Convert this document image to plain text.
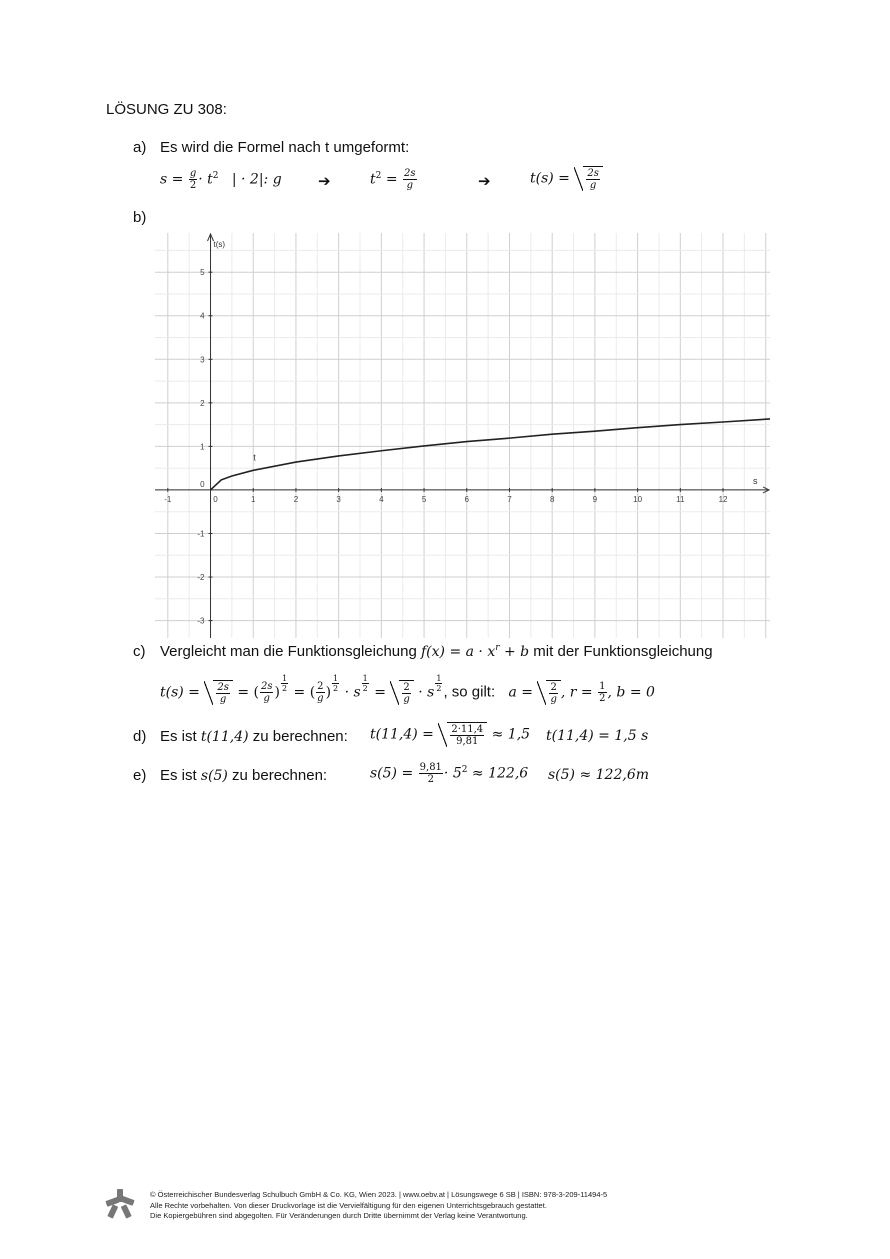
LÖSUNG ZU 308:
a) Es wird die Formel nach t umgeformt:
$s = \frac{g}{2} \cdot t^2$ | · 2|: g ➔	$t^2 = \frac{2s}{g}$	➔	$t(s) = \frac{2s}{g}$
b)
-1	0	1	2	3	4	5	6	7	8	9	10	11	12
-3
-2
-1
1
2
3
4
5
0
t
s
t(s)
c) Vergleicht man die Funktionsgleichung $f(x) = a \cdot x^r + b$ mit der Funktionsgleichung
$t(s) = \frac{2s}{g}$ = ( $\frac{2s}{g}$ ) $\frac{1}{2}$ = ( $\frac{2}{g}$ ) $\frac{1}{2} \cdot s \frac{1}{2} = \frac{2}{g} \cdot s \frac{1}{2}$ , so gilt: $a = \frac{2}{g}$ , $r = \frac{1}{2}$ , b = 0
d) Es ist t(11,4) zu berechnen: $t(11,4) = \frac{2\cdot 11,4}{9,81} \approx 1,5$ t(11,4) = 1,5 s
e) Es ist s(5) zu berechnen:	$s(5) = \frac{9,81}{2} \cdot 5^2 \approx 122,6$ s(5) ≈ 122,6m
© Österreichischer Bundesverlag Schulbuch GmbH & Co. KG, Wien 2023. | www.oebv.at | Lösungswege 6 SB | ISBN: 978-3-209-11494-5
Alle Rechte vorbehalten. Von dieser Druckvorlage ist die Vervielfältigung für den eigenen Unterrichtsgebrauch gestattet.
Die Kopiergebühren sind abgegolten. Für Veränderungen durch Dritte übernimmt der Verlag keine Verantwortung.
